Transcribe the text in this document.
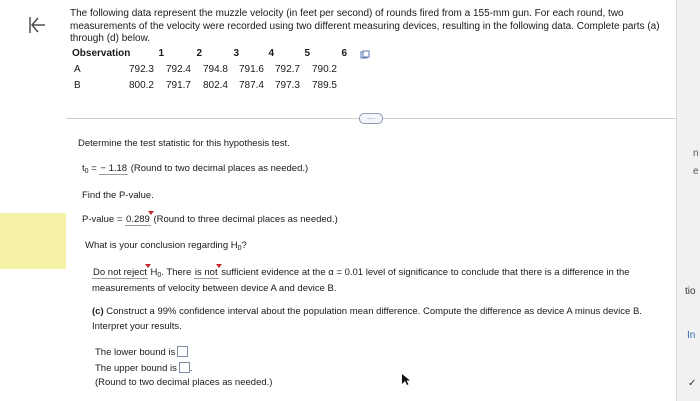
n
e
tio
In
✓
The following data represent the muzzle velocity (in feet per second) of rounds fired from a 155-mm gun. For each round, two measurements of the velocity were recorded using two different measuring devices, resulting in the following data. Complete parts (a) through (d) below.
Observation	1	2	3	4	5	6
A	792.3	792.4	794.8	791.6	792.7	790.2
B	800.2	791.7	802.4	787.4	797.3	789.5
....
Determine the test statistic for this hypothesis test.
$t_0$ = − 1.18 (Round to two decimal places as needed.)
Find the P-value.
P-value = 0.289 (Round to three decimal places as needed.)
What is your conclusion regarding $H_0$?
Do not reject $H_0$. There is not sufficient evidence at the α = 0.01 level of significance to conclude that there is a difference in the
measurements of velocity between device A and device B.
(c) Construct a 99% confidence interval about the population mean difference. Compute the difference as device A minus device B.
Interpret your results.
The lower bound is
The upper bound is .
(Round to two decimal places as needed.)
